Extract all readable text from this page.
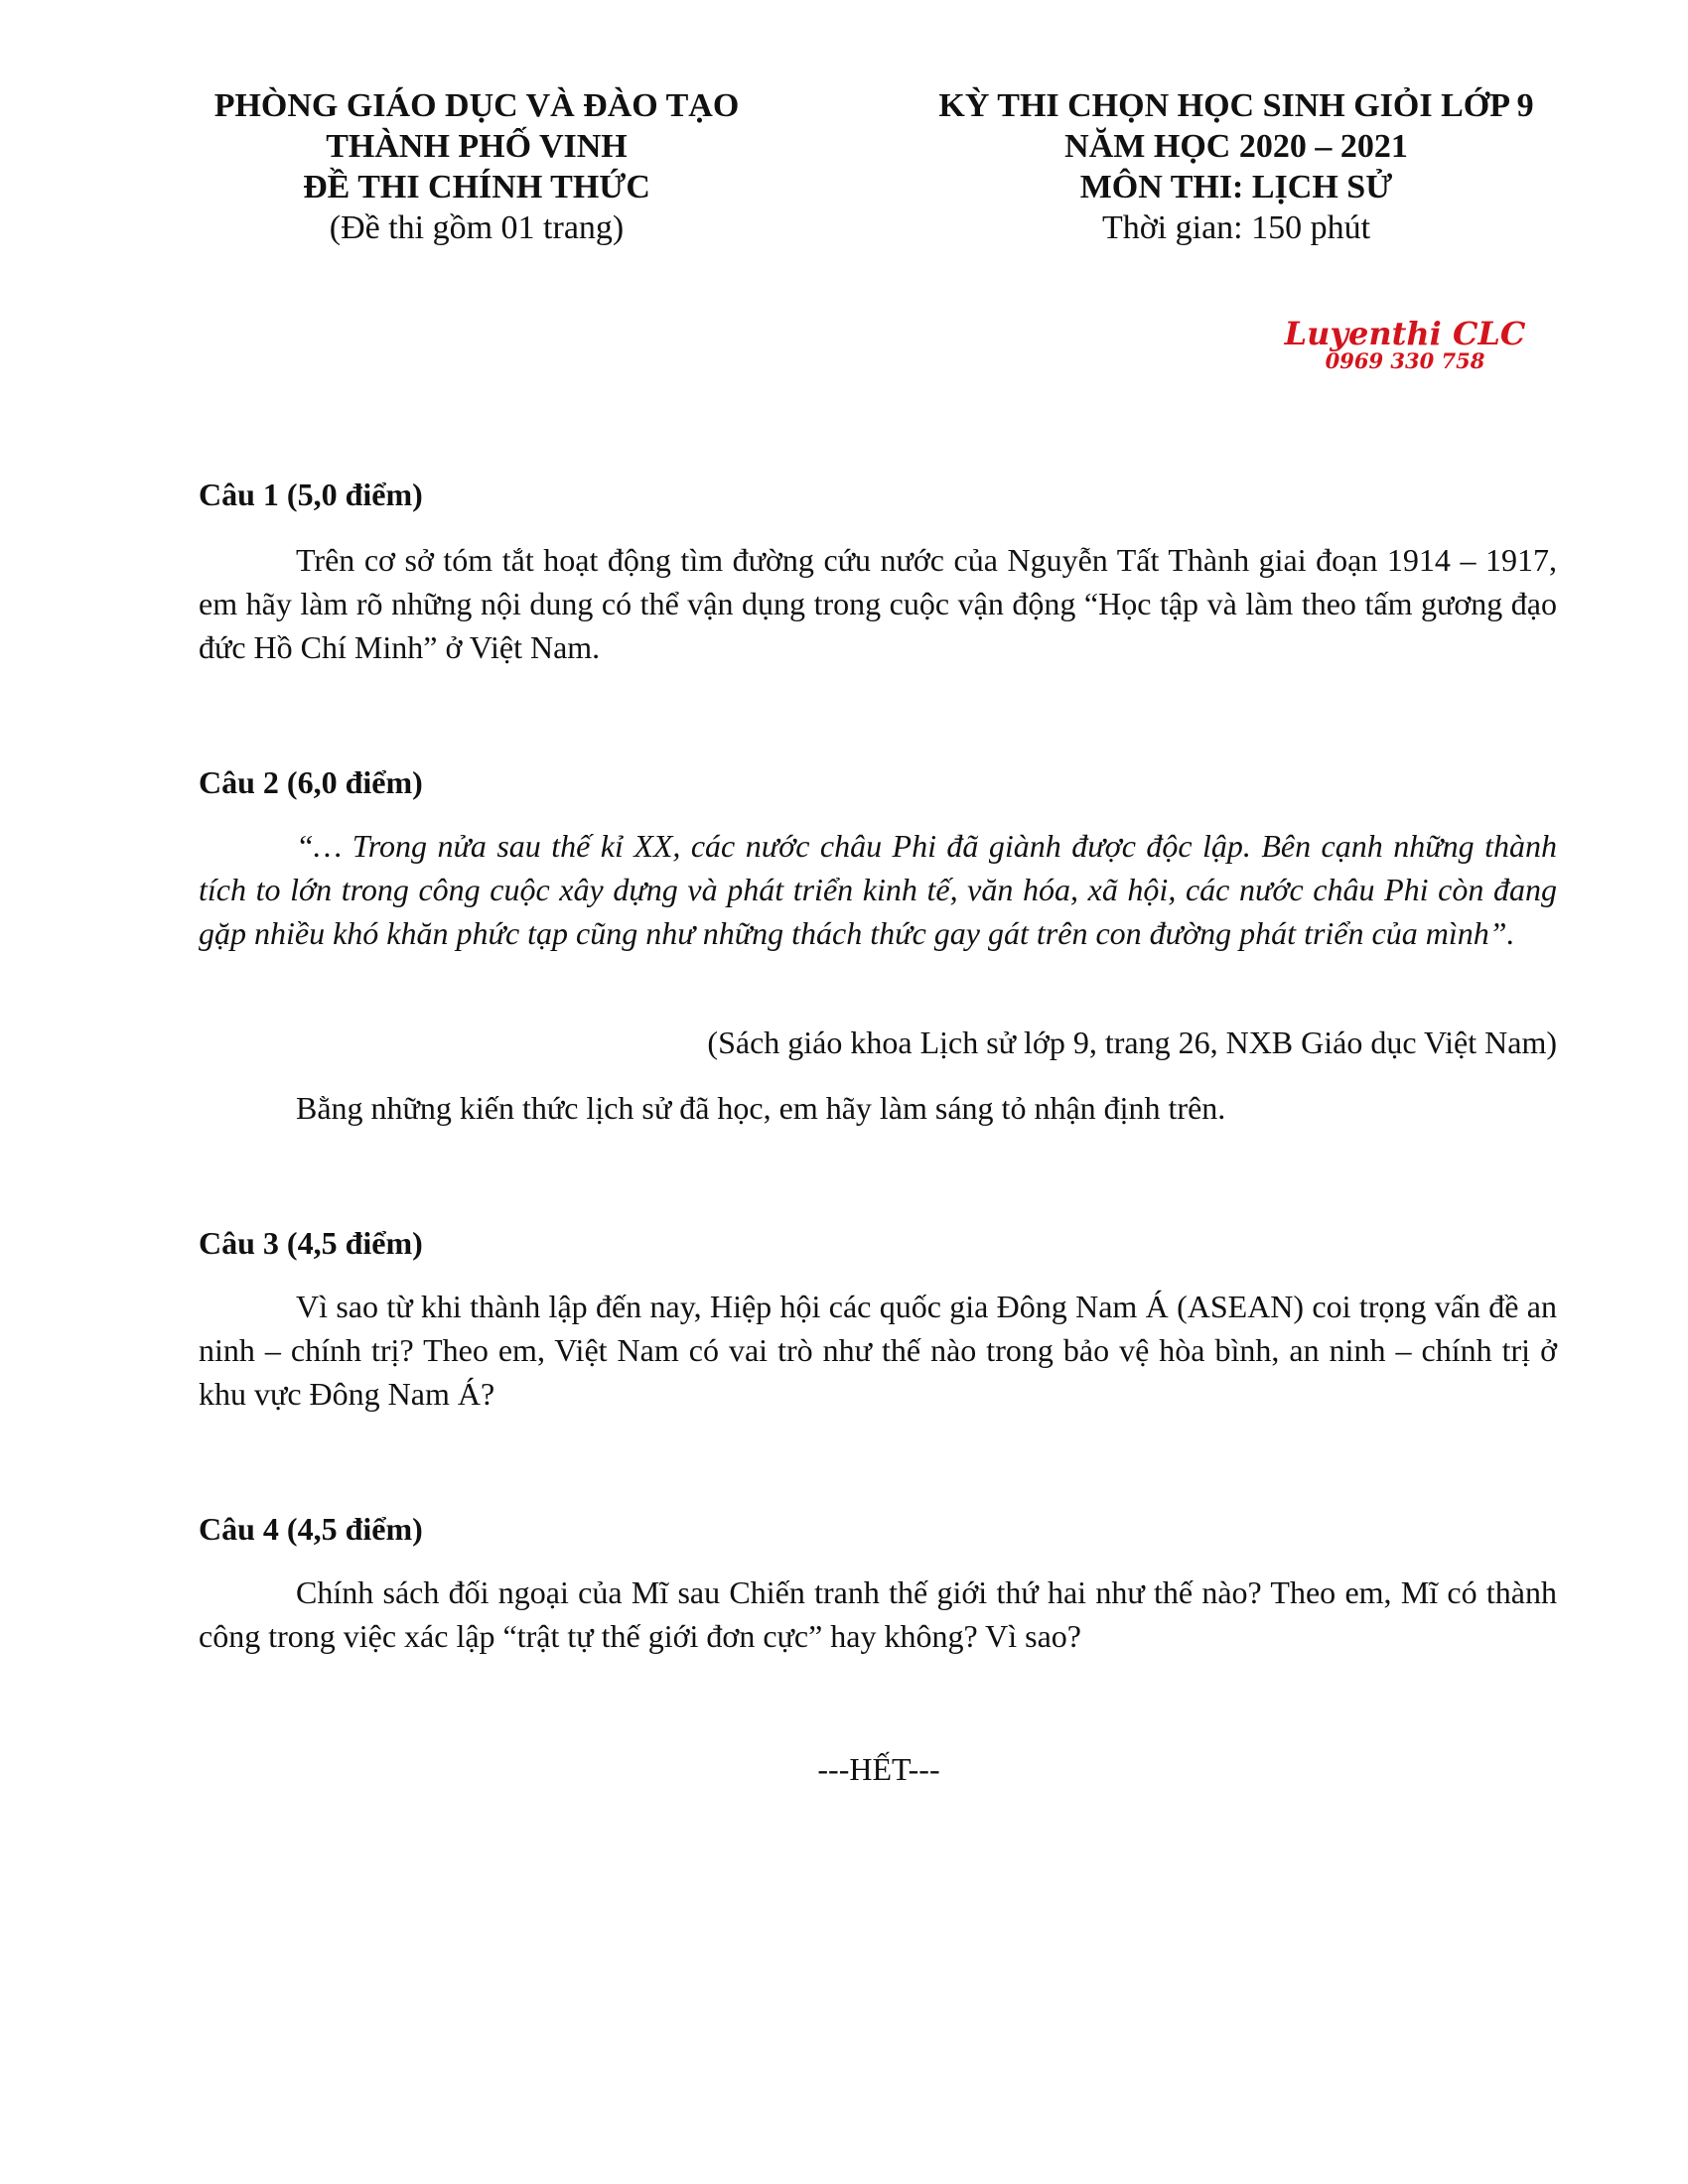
PHÒNG GIÁO DỤC VÀ ĐÀO TẠO
THÀNH PHỐ VINH
ĐỀ THI CHÍNH THỨC
(Đề thi gồm 01 trang)
KỲ THI CHỌN HỌC SINH GIỎI LỚP 9
NĂM HỌC 2020 – 2021
MÔN THI: LỊCH SỬ
Thời gian: 150 phút
Luyenthi CLC
0969 330 758
Câu 1 (5,0 điểm)

Trên cơ sở tóm tắt hoạt động tìm đường cứu nước của Nguyễn Tất Thành giai đoạn 1914 – 1917, em hãy làm rõ những nội dung có thể vận dụng trong cuộc vận động “Học tập và làm theo tấm gương đạo đức Hồ Chí Minh” ở Việt Nam.

Câu 2 (6,0 điểm)

“… Trong nửa sau thế kỉ XX, các nước châu Phi đã giành được độc lập. Bên cạnh những thành tích to lớn trong công cuộc xây dựng và phát triển kinh tế, văn hóa, xã hội, các nước châu Phi còn đang gặp nhiều khó khăn phức tạp cũng như những thách thức gay gát trên con đường phát triển của mình”.

(Sách giáo khoa Lịch sử lớp 9, trang 26, NXB Giáo dục Việt Nam)

Bằng những kiến thức lịch sử đã học, em hãy làm sáng tỏ nhận định trên.

Câu 3 (4,5 điểm)

Vì sao từ khi thành lập đến nay, Hiệp hội các quốc gia Đông Nam Á (ASEAN) coi trọng vấn đề an ninh – chính trị? Theo em, Việt Nam có vai trò như thế nào trong bảo vệ hòa bình, an ninh – chính trị ở khu vực Đông Nam Á?

Câu 4 (4,5 điểm)

Chính sách đối ngoại của Mĩ sau Chiến tranh thế giới thứ hai như thế nào? Theo em, Mĩ có thành công trong việc xác lập “trật tự thế giới đơn cực” hay không? Vì sao?

---HẾT---
